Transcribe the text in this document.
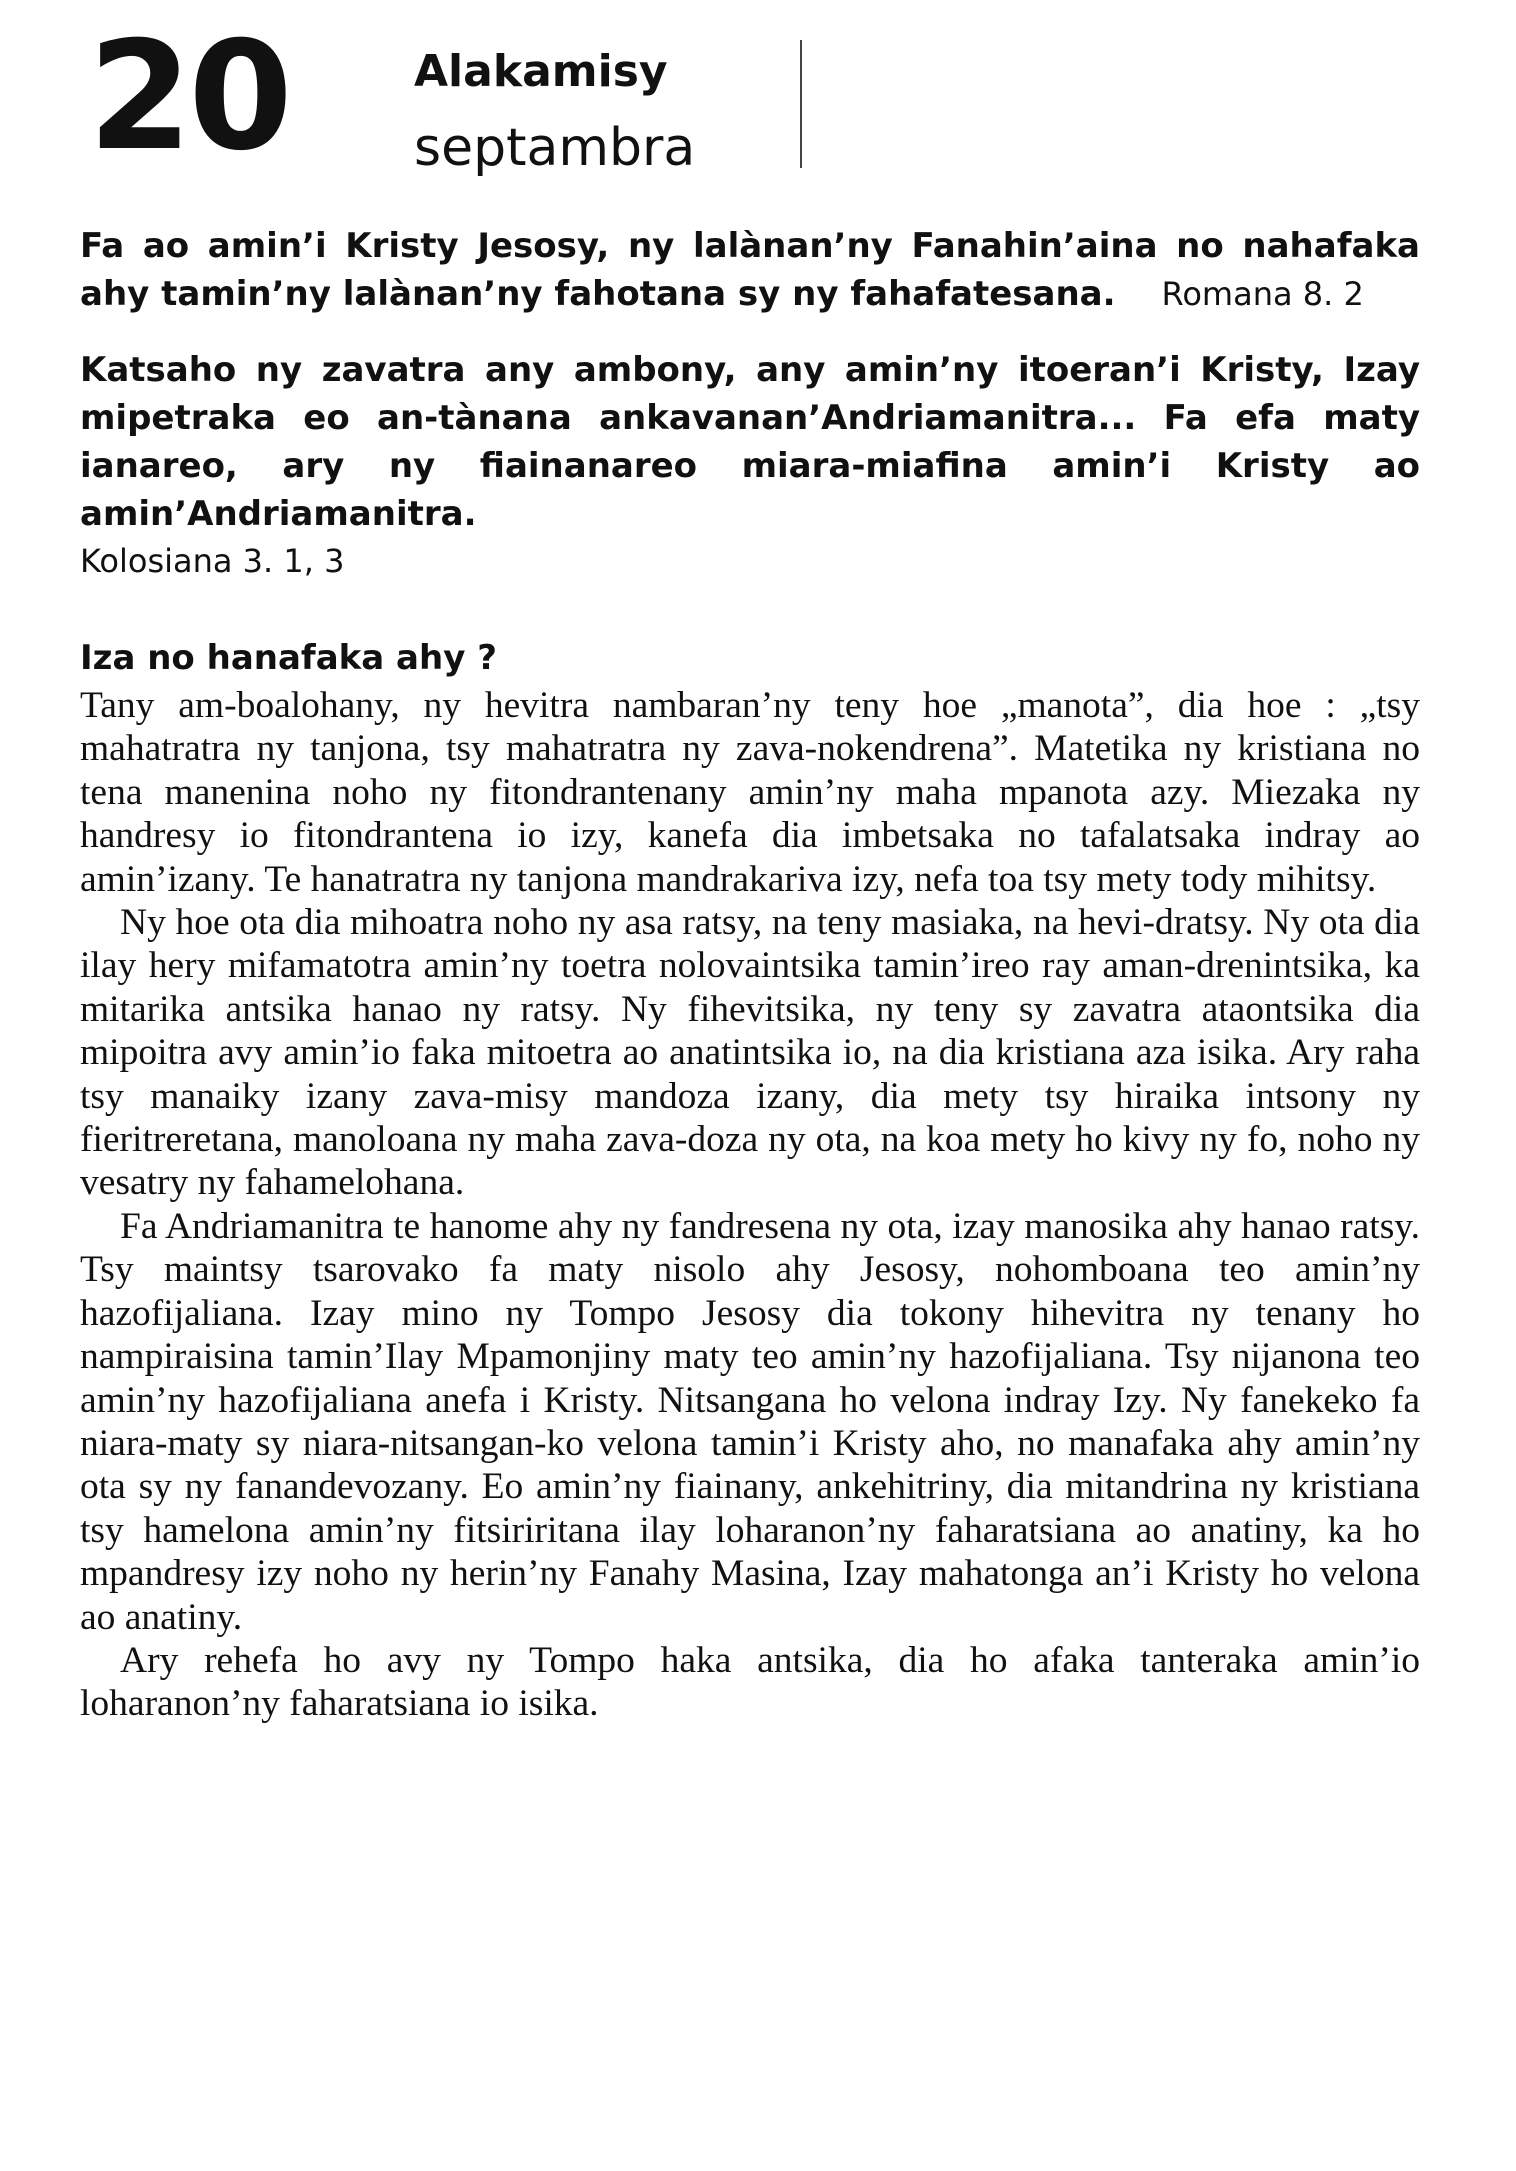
20	Alakamisy
septambra

Fa ao amin’i Kristy Jesosy, ny lalànan’ny Fanahin’aina no nahafaka ahy tamin’ny lalànan’ny fahotana sy ny fahafatesana. Romana 8. 2

Katsaho ny zavatra any ambony, any amin’ny itoeran’i Kristy, Izay mipetraka eo an-tànana ankavanan’Andriamanitra... Fa efa maty ianareo, ary ny fiainanareo miara-miafina amin’i Kristy ao amin’Andriamanitra.
Kolosiana 3. 1, 3

Iza no hanafaka ahy ?

Tany am-boalohany, ny hevitra nambaran’ny teny hoe „manota”, dia hoe : „tsy mahatratra ny tanjona, tsy mahatratra ny zava-nokendrena”. Matetika ny kristiana no tena manenina noho ny fitondrantenany amin’ny maha mpanota azy. Miezaka ny handresy io fitondrantena io izy, kanefa dia imbetsaka no tafalatsaka indray ao amin’izany. Te hanatratra ny tanjona mandrakariva izy, nefa toa tsy mety tody mihitsy.

Ny hoe ota dia mihoatra noho ny asa ratsy, na teny masiaka, na hevi-dratsy. Ny ota dia ilay hery mifamatotra amin’ny toetra nolovaintsika tamin’ireo ray aman-drenintsika, ka mitarika antsika hanao ny ratsy. Ny fihevitsika, ny teny sy zavatra ataontsika dia mipoitra avy amin’io faka mitoetra ao anatintsika io, na dia kristiana aza isika. Ary raha tsy manaiky izany zava-misy mandoza izany, dia mety tsy hiraika intsony ny fieritreretana, manoloana ny maha zava-doza ny ota, na koa mety ho kivy ny fo, noho ny vesatry ny fahamelohana.

Fa Andriamanitra te hanome ahy ny fandresena ny ota, izay manosika ahy hanao ratsy. Tsy maintsy tsarovako fa maty nisolo ahy Jesosy, nohomboana teo amin’ny hazofijaliana. Izay mino ny Tompo Jesosy dia tokony hihevitra ny tenany ho nampiraisina tamin’Ilay Mpamonjiny maty teo amin’ny hazofijaliana. Tsy nijanona teo amin’ny hazofijaliana anefa i Kristy. Nitsangana ho velona indray Izy. Ny fanekeko fa niara-maty sy niara-nitsangan-ko velona tamin’i Kristy aho, no manafaka ahy amin’ny ota sy ny fanandevozany. Eo amin’ny fiainany, ankehitriny, dia mitandrina ny kristiana tsy hamelona amin’ny fitsiriritana ilay loharanon’ny faharatsiana ao anatiny, ka ho mpandresy izy noho ny herin’ny Fanahy Masina, Izay mahatonga an’i Kristy ho velona ao anatiny.

Ary rehefa ho avy ny Tompo haka antsika, dia ho afaka tanteraka amin’io loharanon’ny faharatsiana io isika.
